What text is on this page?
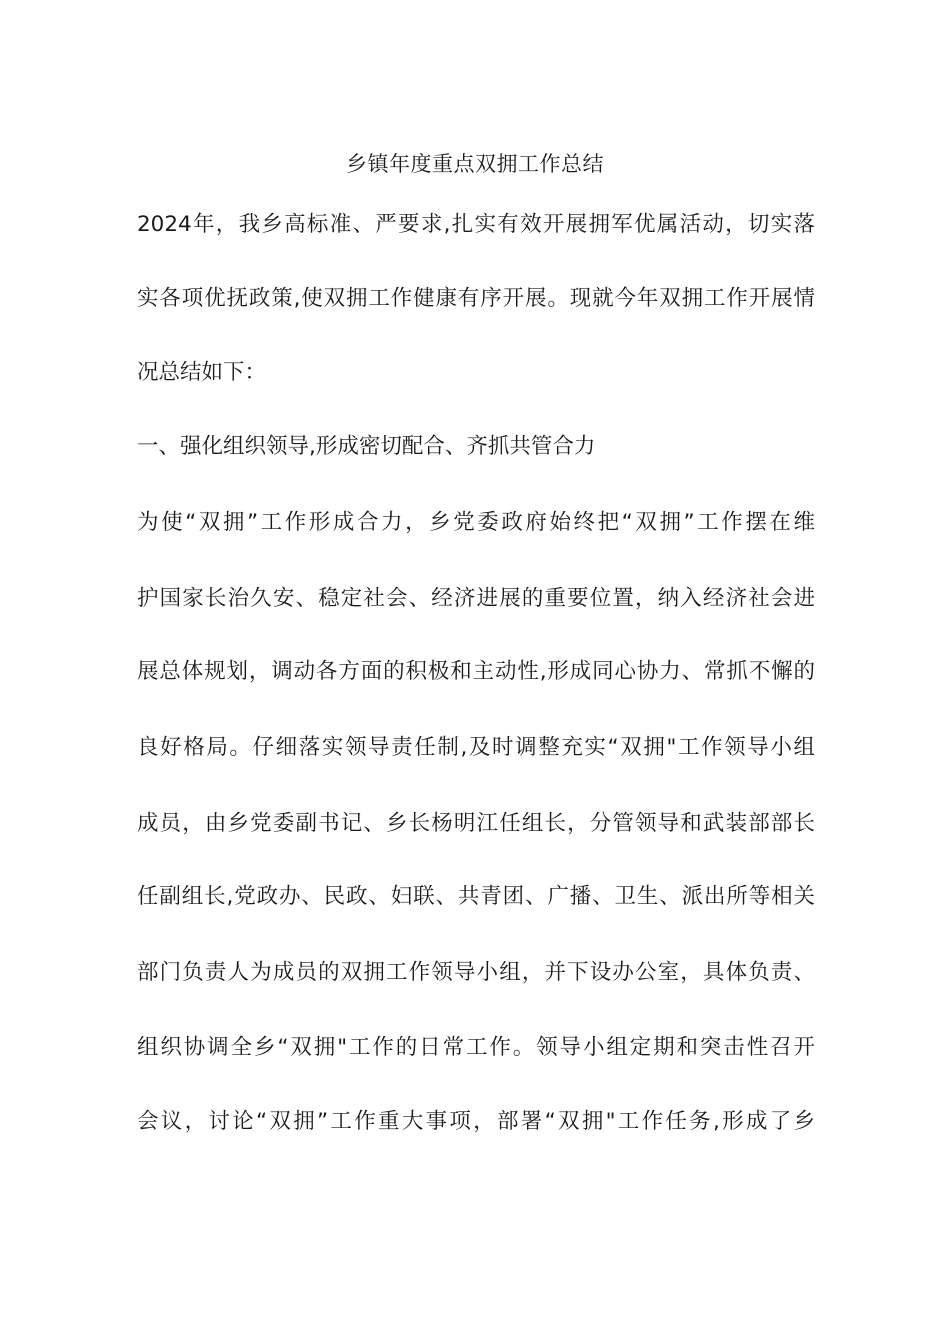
乡镇年度重点双拥工作总结
2024年，我乡高标准、严要求,扎实有效开展拥军优属活动，切实落
实各项优抚政策,使双拥工作健康有序开展。现就今年双拥工作开展情
况总结如下：
一、强化组织领导,形成密切配合、齐抓共管合力
为使“双拥”工作形成合力，乡党委政府始终把“双拥”工作摆在维
护国家长治久安、稳定社会、经济进展的重要位置，纳入经济社会进
展总体规划，调动各方面的积极和主动性,形成同心协力、常抓不懈的
良好格局。仔细落实领导责任制,及时调整充实“双拥"工作领导小组
成员，由乡党委副书记、乡长杨明江任组长，分管领导和武装部部长
任副组长,党政办、民政、妇联、共青团、广播、卫生、派出所等相关
部门负责人为成员的双拥工作领导小组，并下设办公室，具体负责、
组织协调全乡“双拥"工作的日常工作。领导小组定期和突击性召开
会议，讨论“双拥”工作重大事项，部署“双拥"工作任务,形成了乡
